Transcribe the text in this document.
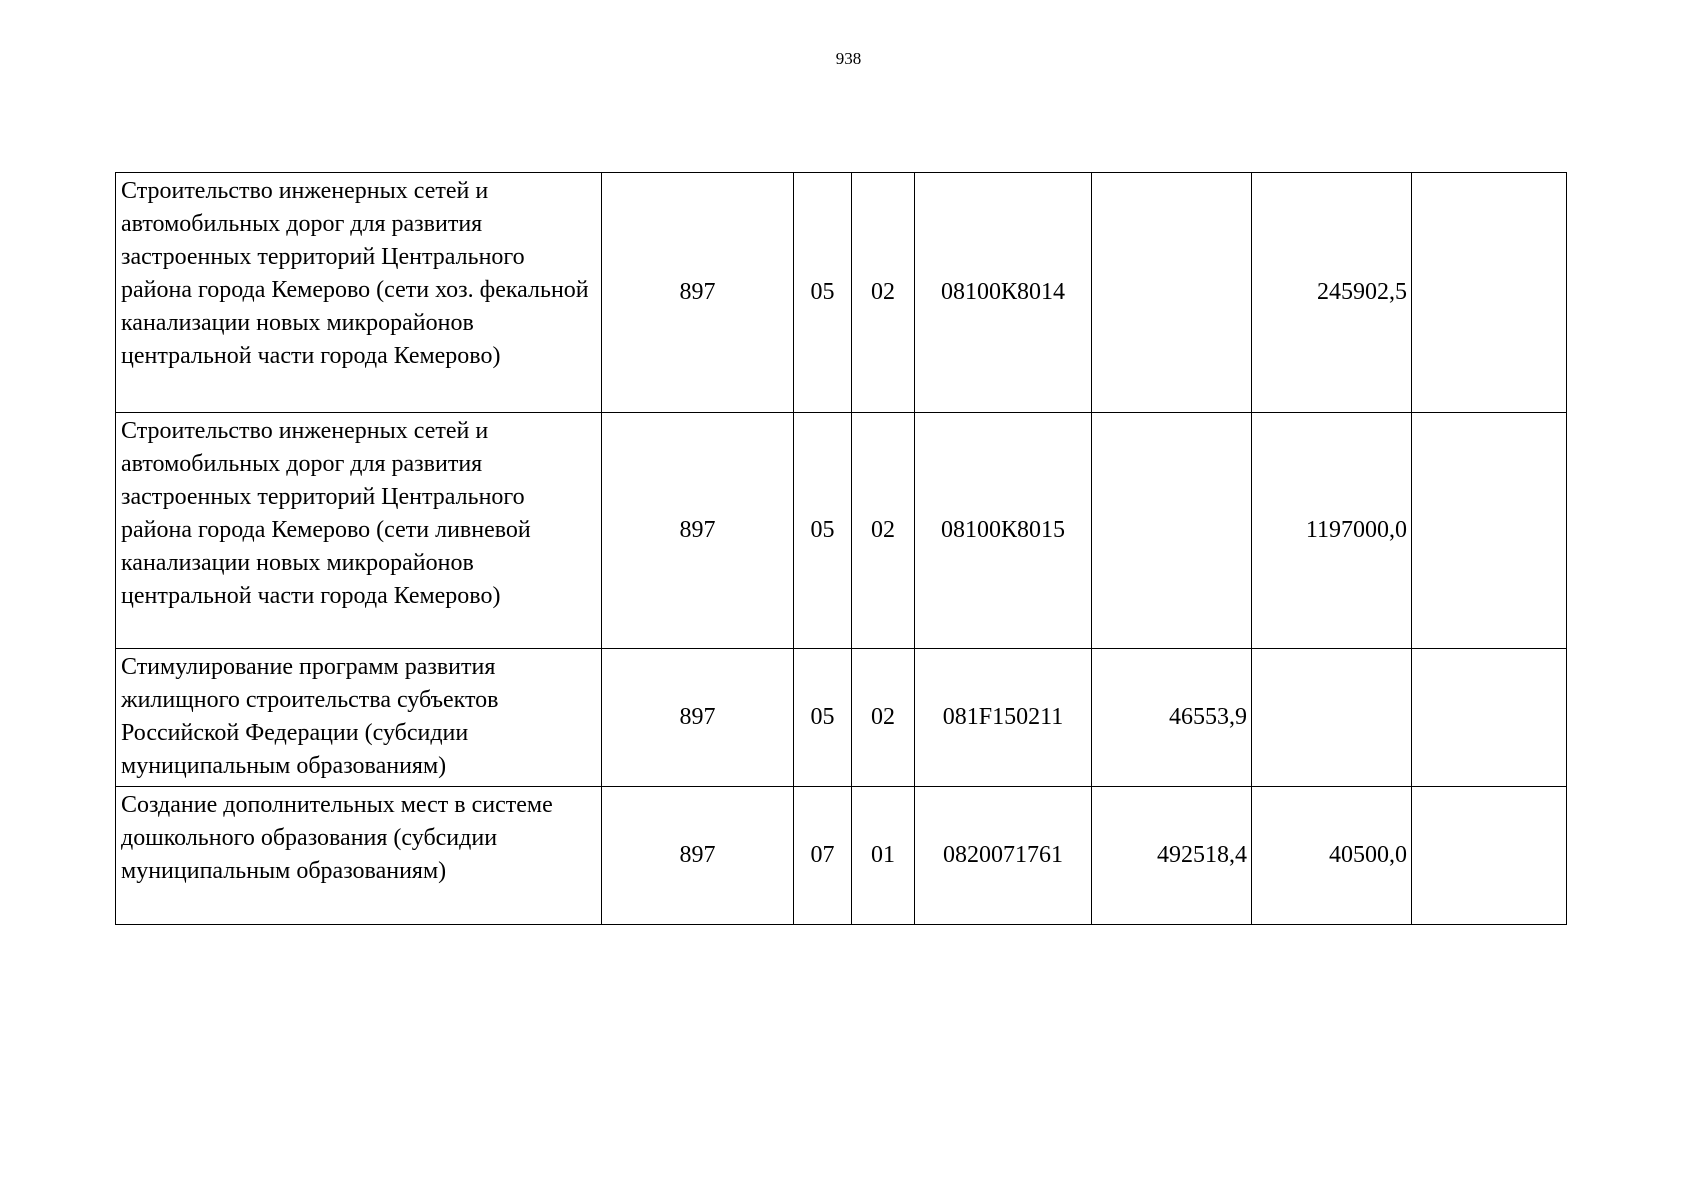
938
Строительство инженерных сетей и автомобильных дорог для развития застроенных территорий Центрального района города Кемерово (сети хоз. фекальной канализации новых микрорайонов центральной части города Кемерово)	897	05	02	08100К8014		245902,5	
Строительство инженерных сетей и автомобильных дорог для развития застроенных территорий Центрального района города Кемерово (сети ливневой канализации новых микрорайонов центральной части города Кемерово)	897	05	02	08100К8015		1197000,0	
Стимулирование программ развития жилищного строительства субъектов Российской Федерации (субсидии муниципальным образованиям)	897	05	02	081F150211	46553,9		
Создание дополнительных мест в системе дошкольного образования (субсидии муниципальным образованиям)	897	07	01	0820071761	492518,4	40500,0	
